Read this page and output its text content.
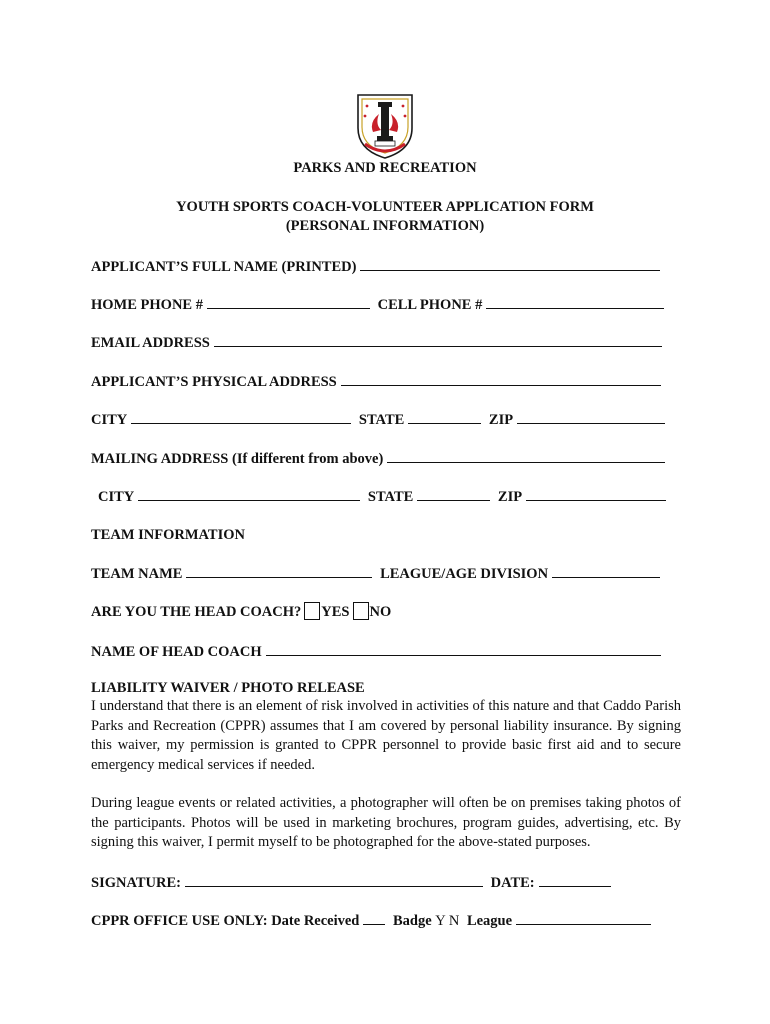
PARKS AND RECREATION
YOUTH SPORTS COACH-VOLUNTEER APPLICATION FORM
(PERSONAL INFORMATION)
APPLICANT’S FULL NAME (PRINTED)
HOME PHONE #	CELL PHONE #
EMAIL ADDRESS
APPLICANT’S PHYSICAL ADDRESS
CITY	STATE	ZIP
MAILING ADDRESS (If different from above)
CITY	STATE	ZIP
TEAM INFORMATION
TEAM NAME	LEAGUE/AGE DIVISION
ARE YOU THE HEAD COACH? YES NO
NAME OF HEAD COACH
LIABILITY WAIVER / PHOTO RELEASE
I understand that there is an element of risk involved in activities of this nature and that Caddo Parish Parks and Recreation (CPPR) assumes that I am covered by personal liability insurance. By signing this waiver, my permission is granted to CPPR personnel to provide basic first aid and to secure emergency medical services if needed.
During league events or related activities, a photographer will often be on premises taking photos of the participants. Photos will be used in marketing brochures, program guides, advertising, etc. By signing this waiver, I permit myself to be photographed for the above-stated purposes.
SIGNATURE:	DATE:
CPPR OFFICE USE ONLY: Date Received Badge Y N League
